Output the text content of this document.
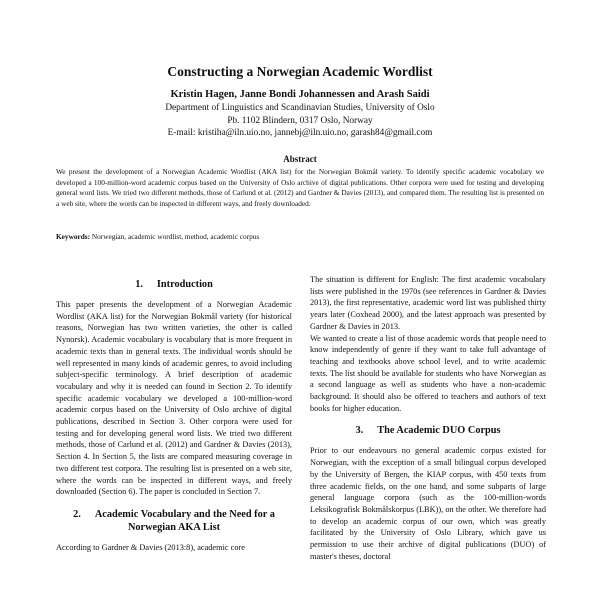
Constructing a Norwegian Academic Wordlist
Kristin Hagen, Janne Bondi Johannessen and Arash Saidi
Department of Linguistics and Scandinavian Studies, University of Oslo
Pb. 1102 Blindern, 0317 Oslo, Norway
E-mail: kristiha@iln.uio.no, jannebj@iln.uio.no, garash84@gmail.com
Abstract
We present the development of a Norwegian Academic Wordlist (AKA list) for the Norwegian Bokmål variety. To identify specific academic vocabulary we developed a 100-million-word academic corpus based on the University of Oslo archive of digital publications. Other corpora were used for testing and developing general word lists. We tried two different methods, those of Carlund et al. (2012) and Gardner & Davies (2013), and compared them. The resulting list is presented on a web site, where the words can be inspected in different ways, and freely downloaded.
Keywords: Norwegian, academic wordlist, method, academic corpus
1. Introduction

This paper presents the development of a Norwegian Academic Wordlist (AKA list) for the Norwegian Bokmål variety (for historical reasons, Norwegian has two written varieties, the other is called Nynorsk). Academic vocabulary is vocabulary that is more frequent in academic texts than in general texts. The individual words should be well represented in many kinds of academic genres, to avoid including subject-specific terminology. A brief description of academic vocabulary and why it is needed can found in Section 2. To identify specific academic vocabulary we developed a 100-million-word academic corpus based on the University of Oslo archive of digital publications, described in Section 3. Other corpora were used for testing and for developing general word lists. We tried two different methods, those of Carlund et al. (2012) and Gardner & Davies (2013), Section 4. In Section 5, the lists are compared measuring coverage in two different test corpora. The resulting list is presented on a web site, where the words can be inspected in different ways, and freely downloaded (Section 6). The paper is concluded in Section 7.

2. Academic Vocabulary and the Need for a Norwegian AKA List

According to Gardner & Davies (2013:8), academic core

The situation is different for English: The first academic vocabulary lists were published in the 1970s (see references in Gardner & Davies 2013), the first representative, academic word list was published thirty years later (Coxhead 2000), and the latest approach was presented by Gardner & Davies in 2013.

We wanted to create a list of those academic words that people need to know independently of genre if they want to take full advantage of teaching and textbooks above school level, and to write academic texts. The list should be available for students who have Norwegian as a second language as well as students who have a non-academic background. It should also be offered to teachers and authors of text books for higher education.

3. The Academic DUO Corpus

Prior to our endeavours no general academic corpus existed for Norwegian, with the exception of a small bilingual corpus developed by the University of Bergen, the KIAP corpus, with 450 texts from three academic fields, on the one hand, and some subparts of large general language corpora (such as the 100-million-words Leksikografisk Bokmålskorpus (LBK)), on the other. We therefore had to develop an academic corpus of our own, which was greatly facilitated by the University of Oslo Library, which gave us permission to use their archive of digital publications (DUO) of master's theses, doctoral
